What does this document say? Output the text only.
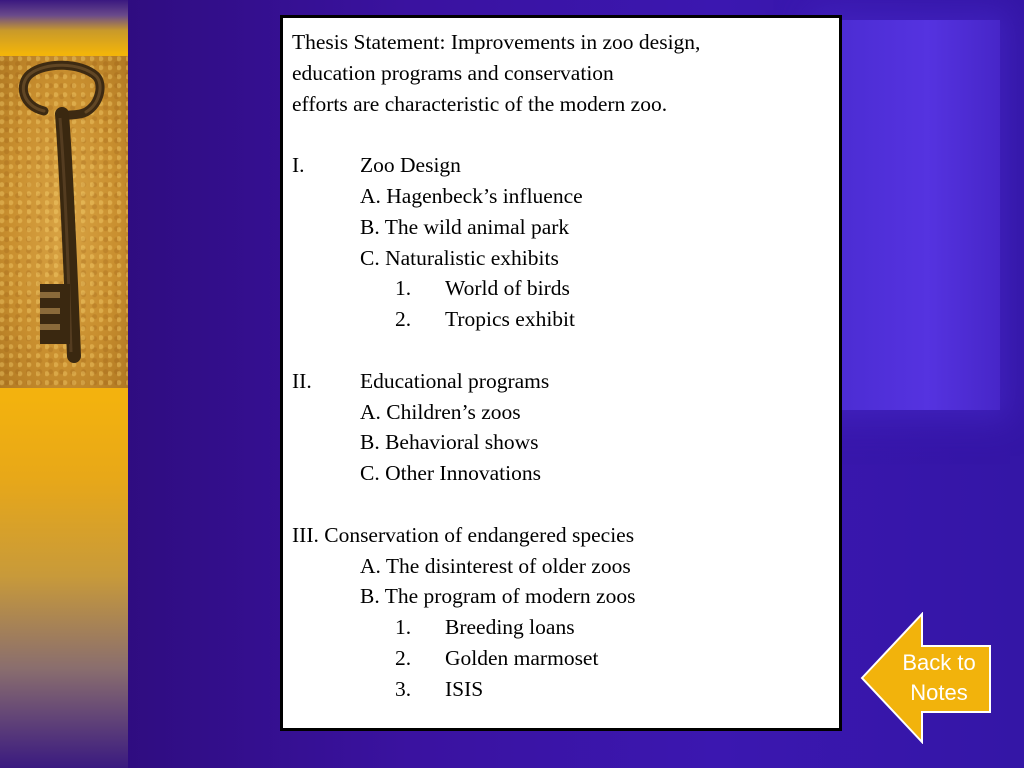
Thesis Statement: Improvements in zoo design,
education programs and conservation
efforts are characteristic of the modern zoo.
I.	Zoo Design
A. Hagenbeck’s influence
B. The wild animal park
C. Naturalistic exhibits
1. World of birds
2. Tropics exhibit
II. Educational programs
A. Children’s zoos
B. Behavioral shows
C. Other Innovations
III. Conservation of endangered species
A. The disinterest of older zoos
B. The program of modern zoos
1. Breeding loans
2. Golden marmoset
3. ISIS
Back to
Notes
